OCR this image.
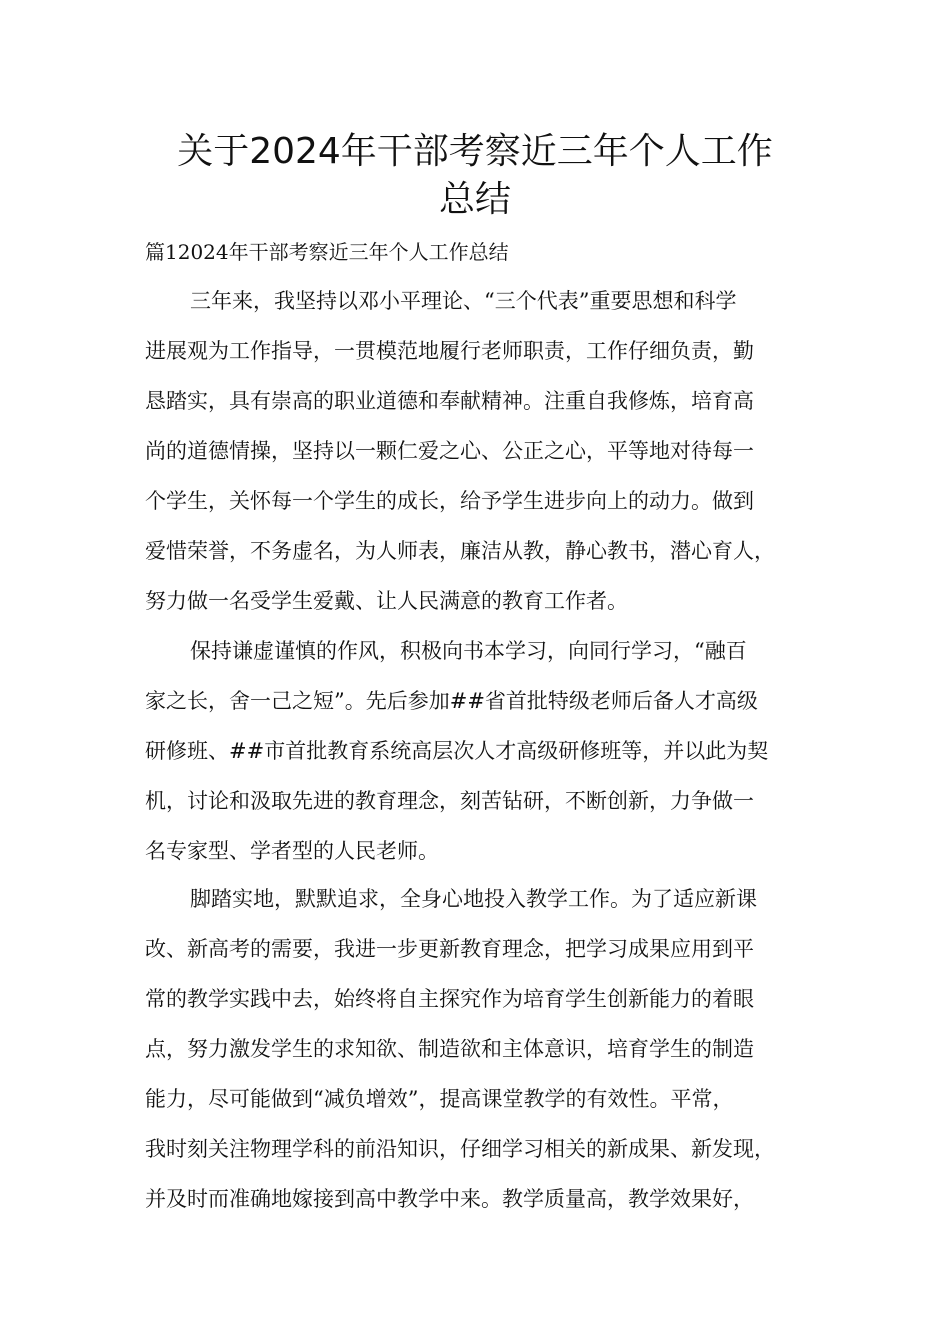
关于2024年干部考察近三年个人工作
总结

篇12024年干部考察近三年个人工作总结

三年来，我坚持以邓小平理论、“三个代表”重要思想和科学

进展观为工作指导，一贯模范地履行老师职责，工作仔细负责，勤

恳踏实，具有崇高的职业道德和奉献精神。注重自我修炼，培育高

尚的道德情操，坚持以一颗仁爱之心、公正之心，平等地对待每一

个学生，关怀每一个学生的成长，给予学生进步向上的动力。做到

爱惜荣誉，不务虚名，为人师表，廉洁从教，静心教书，潜心育人，

努力做一名受学生爱戴、让人民满意的教育工作者。

保持谦虚谨慎的作风，积极向书本学习，向同行学习，“融百

家之长，舍一己之短”。先后参加##省首批特级老师后备人才高级

研修班、##市首批教育系统高层次人才高级研修班等，并以此为契

机，讨论和汲取先进的教育理念，刻苦钻研，不断创新，力争做一

名专家型、学者型的人民老师。

脚踏实地，默默追求，全身心地投入教学工作。为了适应新课

改、新高考的需要，我进一步更新教育理念，把学习成果应用到平

常的教学实践中去，始终将自主探究作为培育学生创新能力的着眼

点，努力激发学生的求知欲、制造欲和主体意识，培育学生的制造

能力，尽可能做到“减负增效”，提高课堂教学的有效性。平常，

我时刻关注物理学科的前沿知识，仔细学习相关的新成果、新发现，

并及时而准确地嫁接到高中教学中来。教学质量高，教学效果好，
